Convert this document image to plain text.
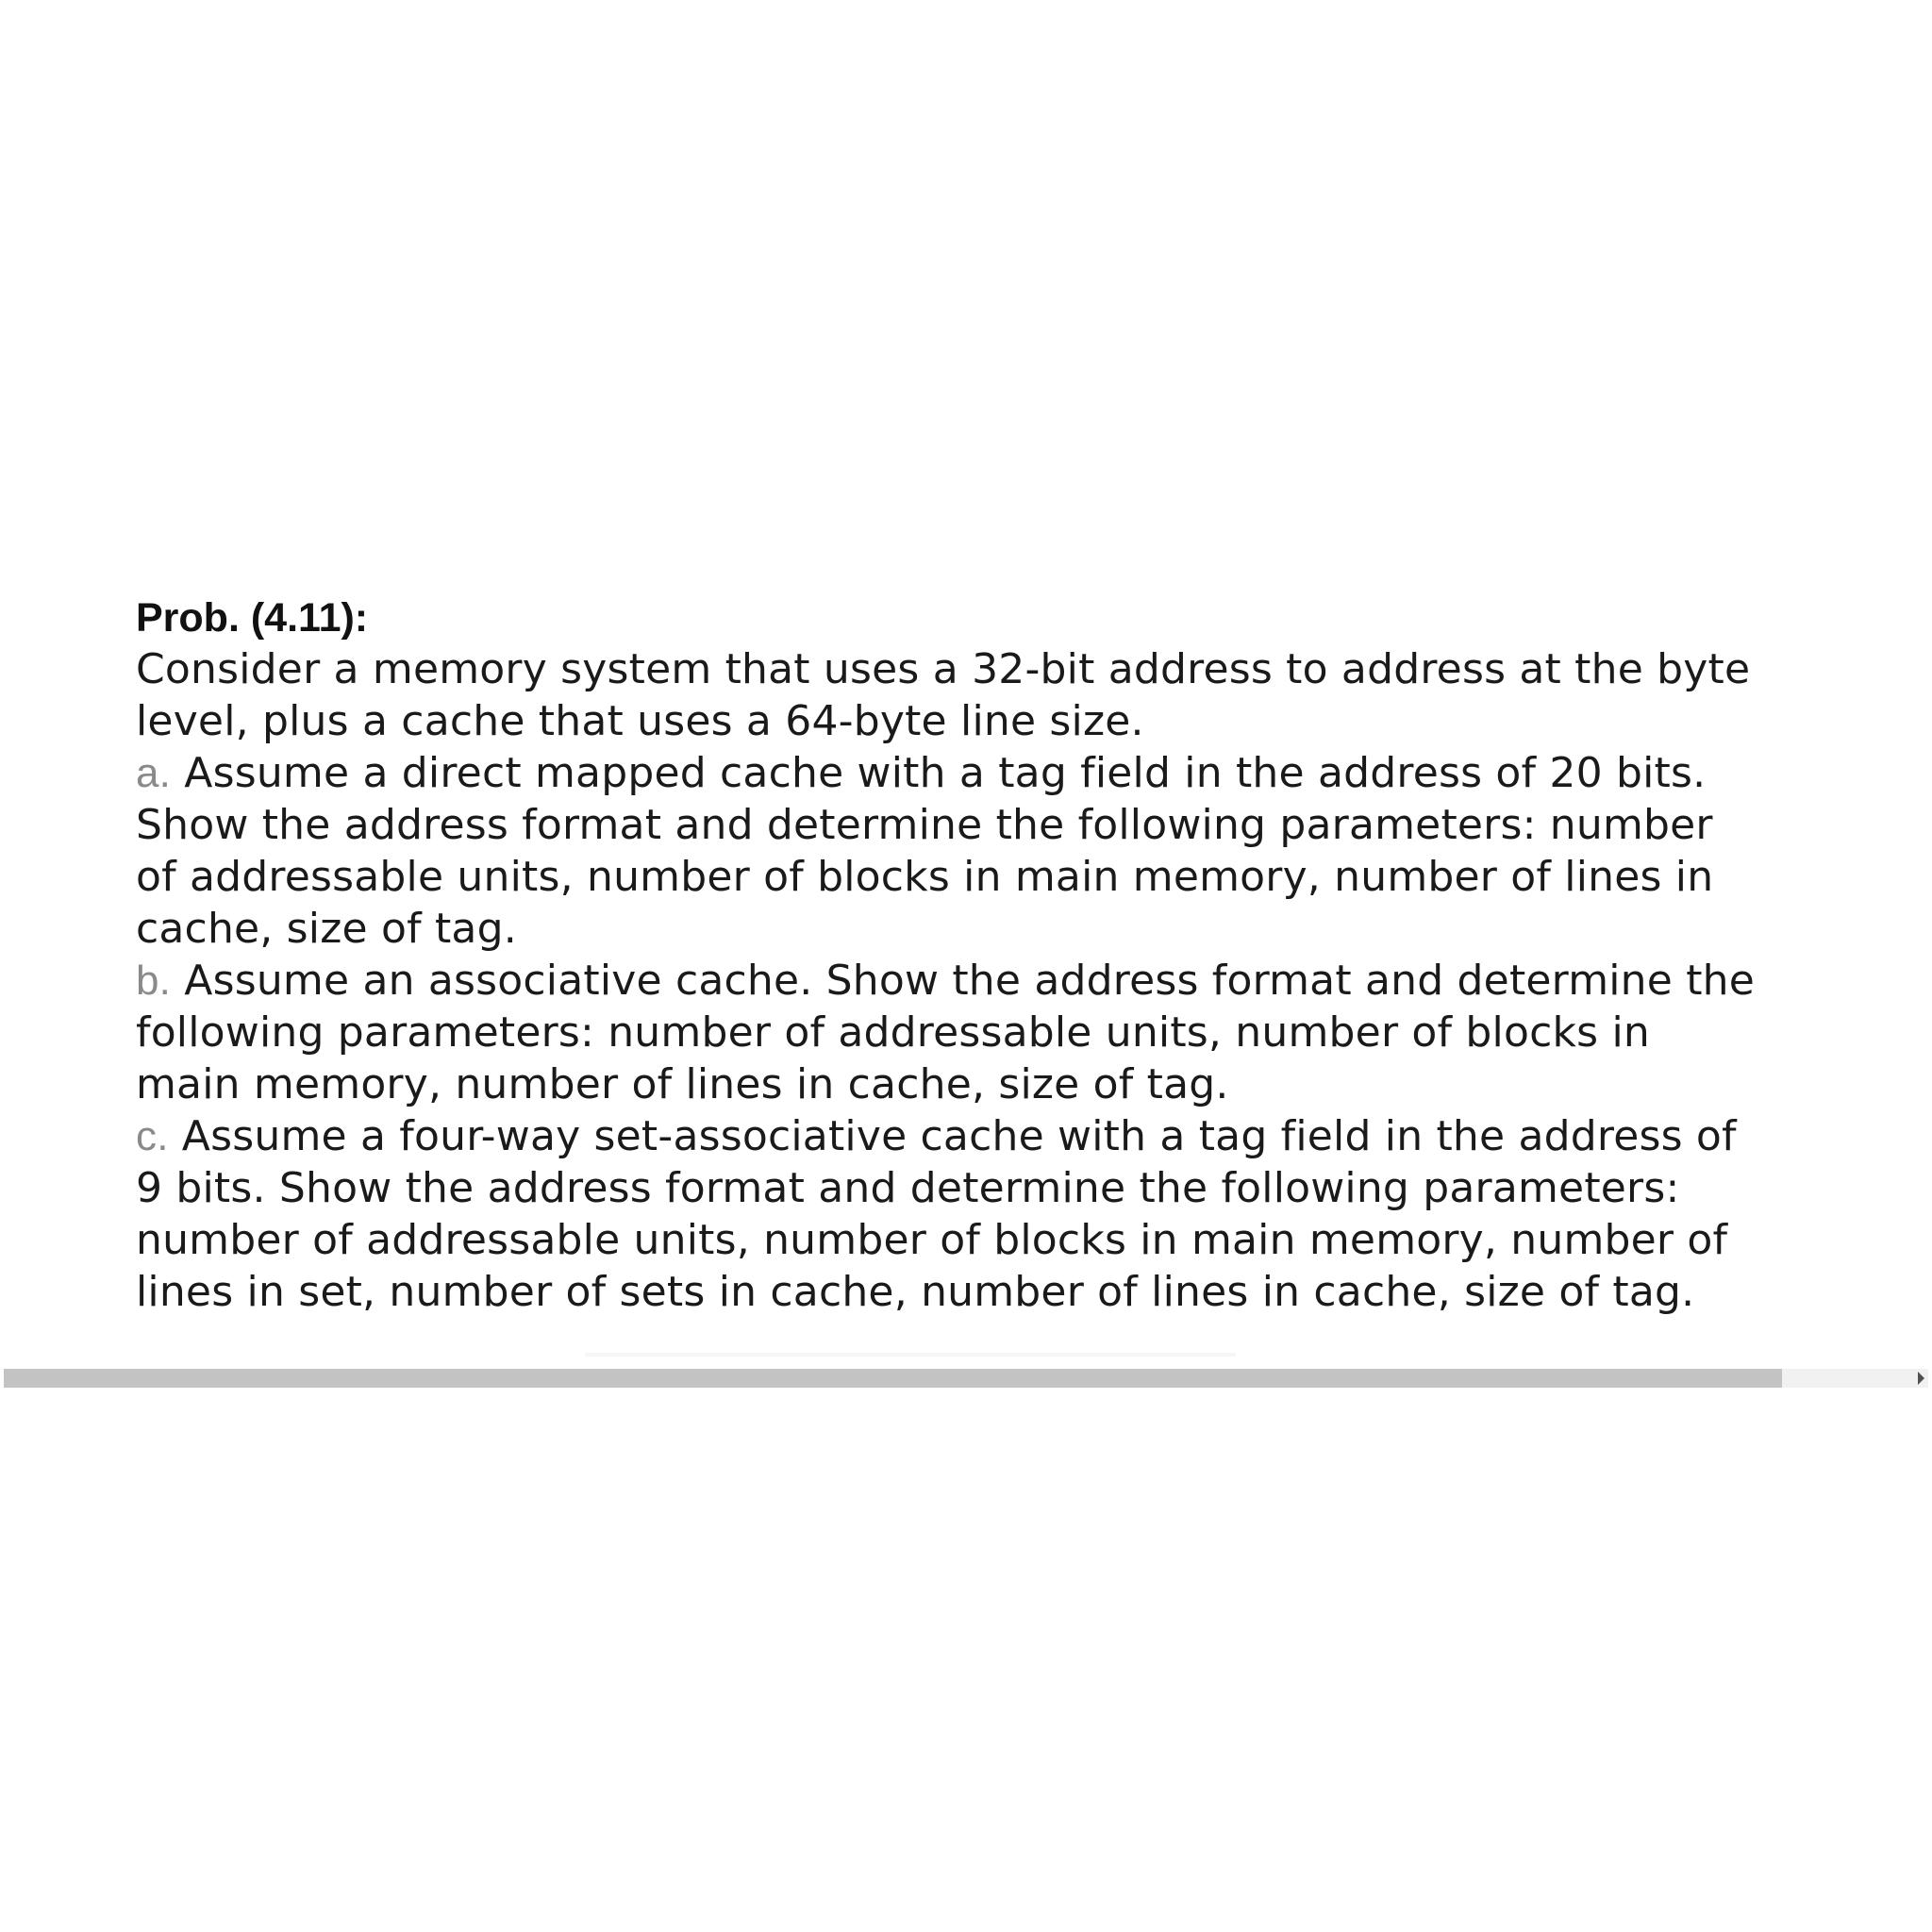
Prob. (4.11):

Consider a memory system that uses a 32-bit address to address at the byte
level, plus a cache that uses a 64-byte line size.

a. Assume a direct mapped cache with a tag field in the address of 20 bits.
Show the address format and determine the following parameters: number
of addressable units, number of blocks in main memory, number of lines in
cache, size of tag.

b. Assume an associative cache. Show the address format and determine the
following parameters: number of addressable units, number of blocks in
main memory, number of lines in cache, size of tag.

c. Assume a four-way set-associative cache with a tag field in the address of
9 bits. Show the address format and determine the following parameters:
number of addressable units, number of blocks in main memory, number of
lines in set, number of sets in cache, number of lines in cache, size of tag.
